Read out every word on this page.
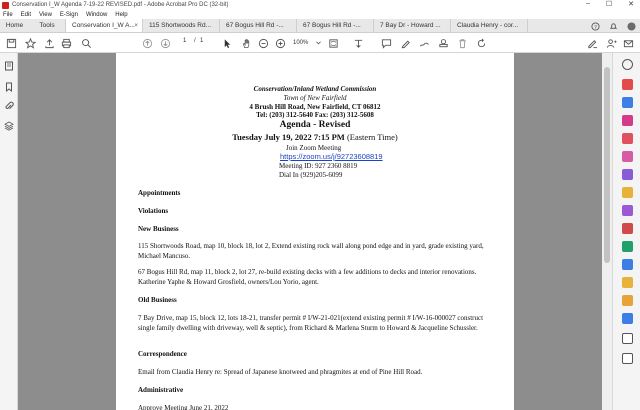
Conservation I_W Agenda 7-19-22 REVISED.pdf - Adobe Acrobat Pro DC (32-bit)	– ☐ ✕
File Edit View E-Sign Window Help
Home	Tools	Conservation I_W A... × 115 Shortwoods Rd... 67 Bogus Hill Rd -...	67 Bogus Hill Rd -...	7 Bay Dr - Howard ...	Claudia Henry - cor...	?
1 / 1	100%
Conservation/Inland Wetland Commission
Town of New Fairfield
4 Brush Hill Road, New Fairfield, CT 06812
Tel: (203) 312-5640 Fax: (203) 312-5608
Agenda - Revised
Tuesday July 19, 2022 7:15 PM (Eastern Time)
Join Zoom Meeting
https://zoom.us/j/92723608819
Meeting ID: 927 2360 8819
Dial In (929)205-6099
Appointments
Violations
New Business
115 Shortwoods Road, map 10, block 18, lot 2, Extend existing rock wall along pond edge and in yard, grade existing yard, Michael Mancuso.
67 Bogus Hill Rd, map 11, block 2, lot 27, re-build existing decks with a few additions to decks and interior renovations. Katherine Yaphe & Howard Grosfield, owners/Lou Yorio, agent.
Old Business
7 Bay Drive, map 15, block 12, lots 18-21, transfer permit # I/W-21-021(extend existing permit # I/W-16-000027 construct single family dwelling with driveway, well & septic), from Richard & Marlena Sturm to Howard & Jacqueline Schussler.
Correspondence
Email from Claudia Henry re: Spread of Japanese knotweed and phragmites at end of Pine Hill Road.
Administrative
Approve Meeting June 21, 2022
